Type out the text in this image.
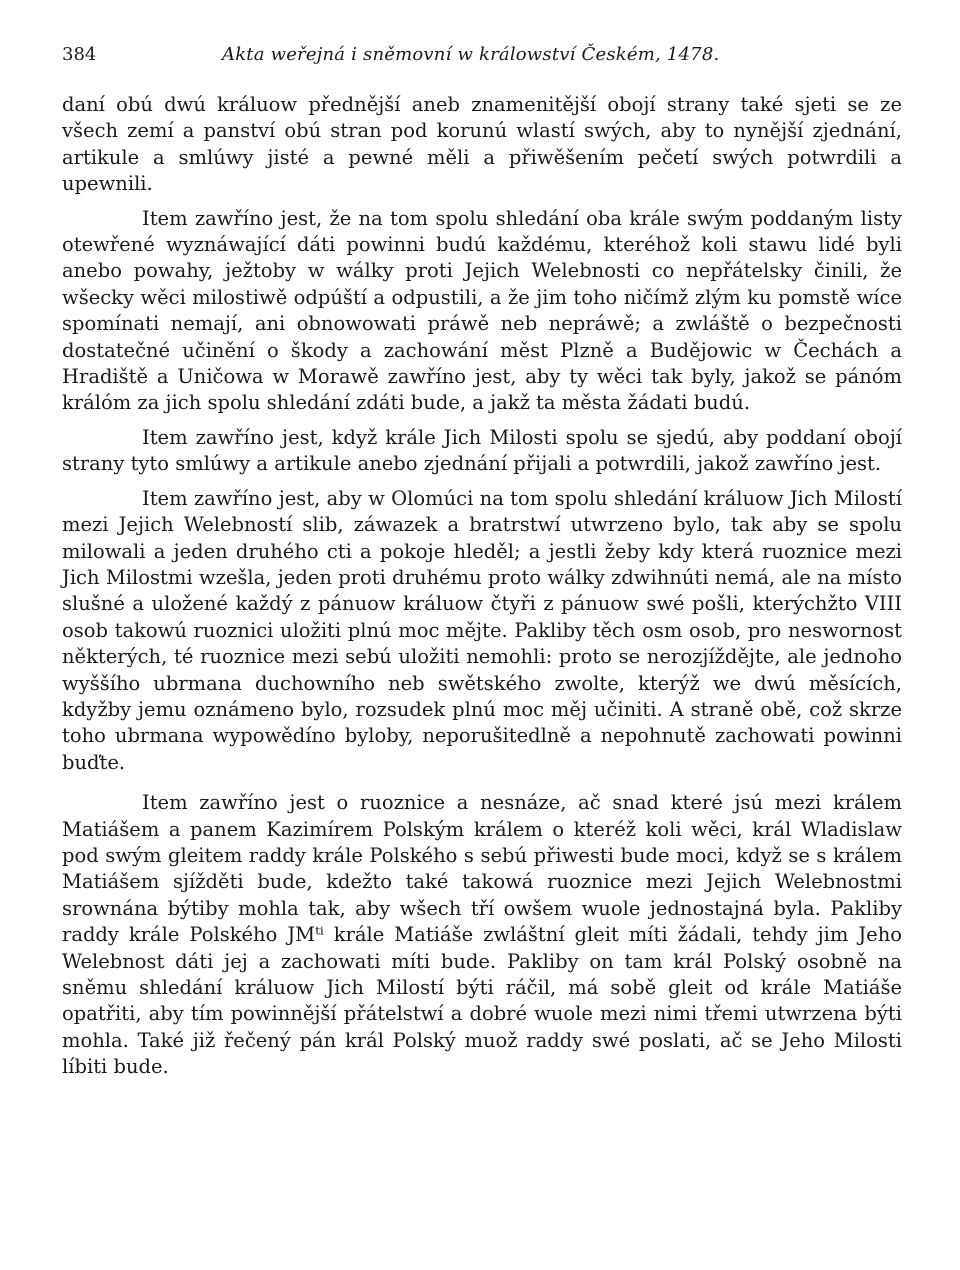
384	Akta weřejná i sněmovní w králowství Českém, 1478.

daní obú dwú králuow přednější aneb znamenitější obojí strany také sjeti se ze všech zemí a panství obú stran pod korunú wlastí swých, aby to nynější zjednání, artikule a smlúwy jisté a pewné měli a přiwěšením pečetí swých potwrdili a upewnili.

Item zawříno jest, že na tom spolu shledání oba krále swým poddaným listy otewřené wyznáwající dáti powinni budú každému, kteréhož koli stawu lidé byli anebo powahy, ježtoby w wálky proti Jejich Welebnosti co nepřátelsky činili, že wšecky wěci milostiwě odpúští a odpustili, a že jim toho ničímž zlým ku pomstě wíce spomínati nemají, ani obnowowati práwě neb nepráwě; a zwláště o bezpečnosti dostatečné učinění o škody a zachowání měst Plzně a Budějowic w Čechách a Hradiště a Uničowa w Morawě zawříno jest, aby ty wěci tak byly, jakož se pánóm králóm za jich spolu shledání zdáti bude, a jakž ta města žádati budú.

Item zawříno jest, když krále Jich Milosti spolu se sjedú, aby poddaní obojí strany tyto smlúwy a artikule anebo zjednání přijali a potwrdili, jakož zawříno jest.

Item zawříno jest, aby w Olomúci na tom spolu shledání králuow Jich Milostí mezi Jejich Welebností slib, záwazek a bratrstwí utwrzeno bylo, tak aby se spolu milowali a jeden druhého cti a pokoje hleděl; a jestli žeby kdy která ruoznice mezi Jich Milostmi wzešla, jeden proti druhému proto wálky zdwihnúti nemá, ale na místo slušné a uložené každý z pánuow králuow čtyři z pánuow swé pošli, kterýchžto VIII osob takowú ruoznici uložiti plnú moc mějte. Pakliby těch osm osob, pro neswornost některých, té ruoznice mezi sebú uložiti nemohli: proto se nerozjíždějte, ale jednoho wyššího ubrmana duchowního neb swětského zwolte, kterýž we dwú měsících, kdyžby jemu oznámeno bylo, rozsudek plnú moc měj učiniti. A straně obě, což skrze toho ubrmana wypowědíno byloby, neporušitedlně a nepohnutě zachowati powinni buďte.

Item zawříno jest o ruoznice a nesnáze, ač snad které jsú mezi králem Matiášem a panem Kazimírem Polským králem o kteréž koli wěci, král Wladislaw pod swým gleitem raddy krále Polského s sebú přiwesti bude moci, když se s králem Matiášem sjížděti bude, kdežto také takowá ruoznice mezi Jejich Welebnostmi srownána býtiby mohla tak, aby wšech tří owšem wuole jednostajná byla. Pakliby raddy krále Polského JMᵗⁱ krále Matiáše zwláštní gleit míti žádali, tehdy jim Jeho Welebnost dáti jej a zachowati míti bude. Pakliby on tam král Polský osobně na sněmu shledání králuow Jich Milostí býti ráčil, má sobě gleit od krále Matiáše opatřiti, aby tím powinnější přátelstwí a dobré wuole mezi nimi třemi utwrzena býti mohla. Také již řečený pán král Polský muož raddy swé poslati, ač se Jeho Milosti líbiti bude.
